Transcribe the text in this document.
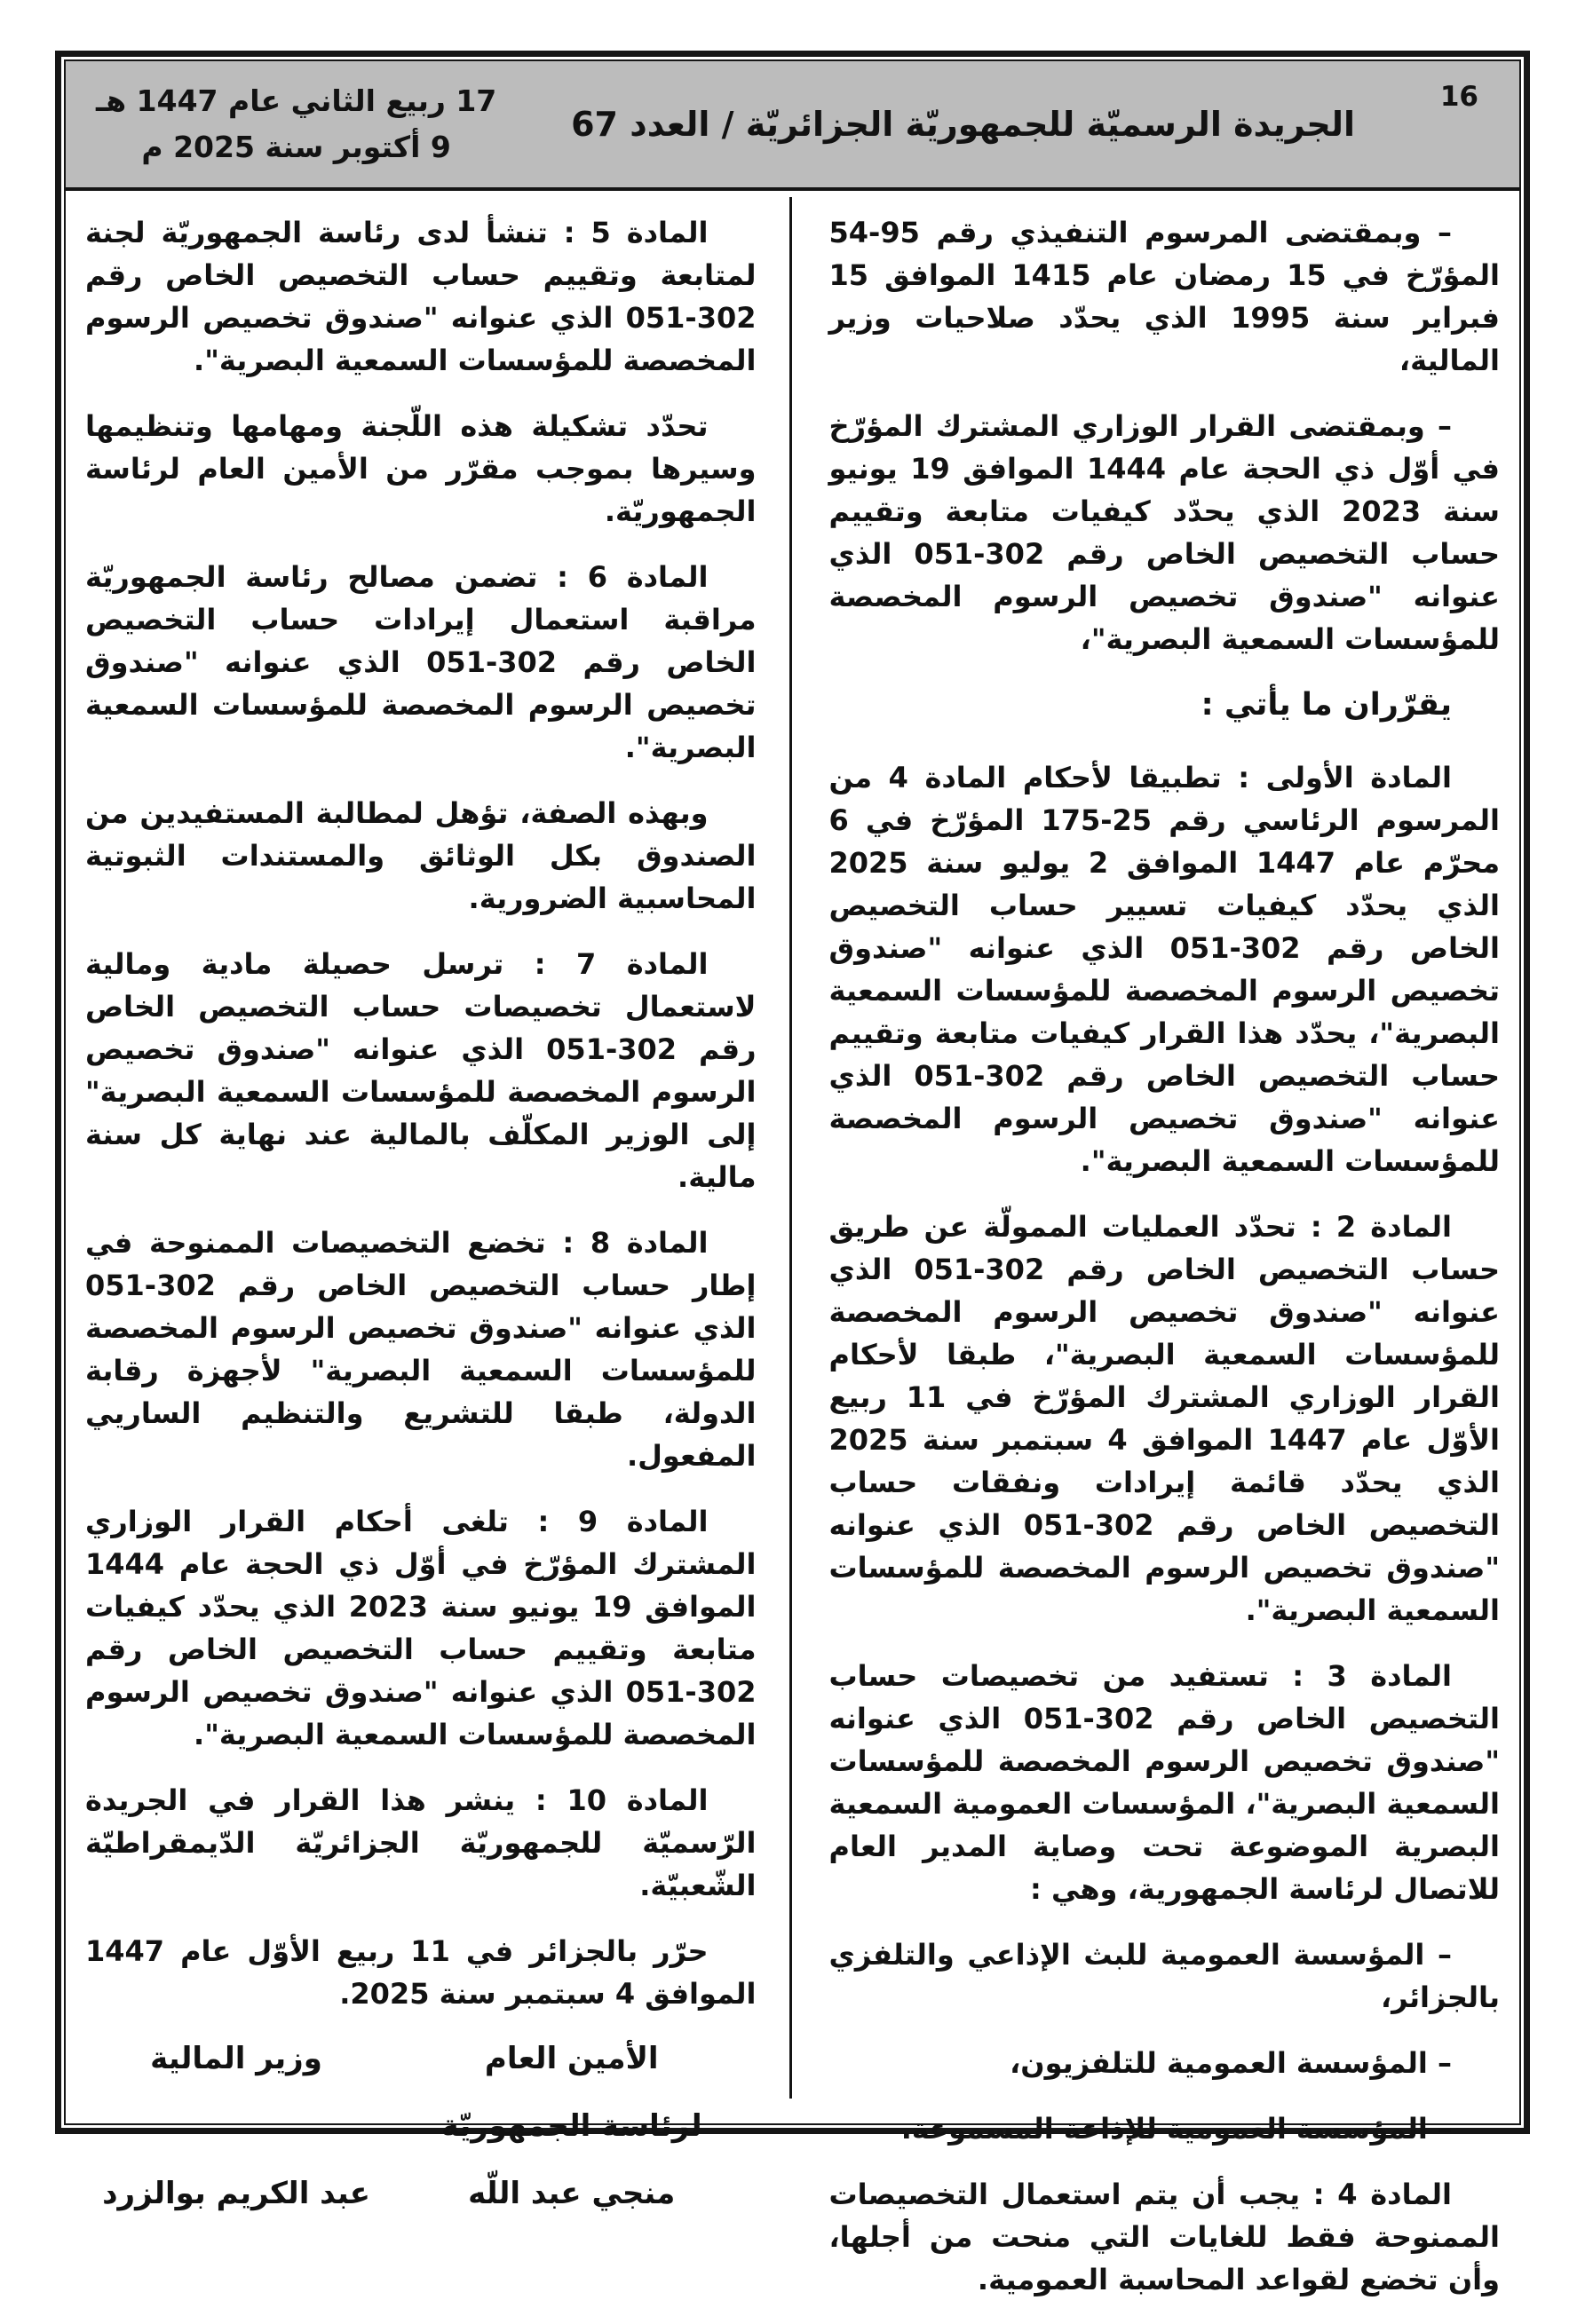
16
الجريدة الرسميّة للجمهوريّة الجزائريّة / العدد 67
17 ربيع الثاني عام 1447 هـ
9 أكتوبر سنة 2025 م

– وبمقتضى المرسوم التنفيذي رقم 95-54 المؤرّخ في 15 رمضان عام 1415 الموافق 15 فبراير سنة 1995 الذي يحدّد صلاحيات وزير المالية،

– وبمقتضى القرار الوزاري المشترك المؤرّخ في أوّل ذي الحجة عام 1444 الموافق 19 يونيو سنة 2023 الذي يحدّد كيفيات متابعة وتقييم حساب التخصيص الخاص رقم 302-051 الذي عنوانه "صندوق تخصيص الرسوم المخصصة للمؤسسات السمعية البصرية"،

يقرّران ما يأتي :

المادة الأولى : تطبيقا لأحكام المادة 4 من المرسوم الرئاسي رقم 25-175 المؤرّخ في 6 محرّم عام 1447 الموافق 2 يوليو سنة 2025 الذي يحدّد كيفيات تسيير حساب التخصيص الخاص رقم 302-051 الذي عنوانه "صندوق تخصيص الرسوم المخصصة للمؤسسات السمعية البصرية"، يحدّد هذا القرار كيفيات متابعة وتقييم حساب التخصيص الخاص رقم 302-051 الذي عنوانه "صندوق تخصيص الرسوم المخصصة للمؤسسات السمعية البصرية".

المادة 2 : تحدّد العمليات الممولّة عن طريق حساب التخصيص الخاص رقم 302-051 الذي عنوانه "صندوق تخصيص الرسوم المخصصة للمؤسسات السمعية البصرية"، طبقا لأحكام القرار الوزاري المشترك المؤرّخ في 11 ربيع الأوّل عام 1447 الموافق 4 سبتمبر سنة 2025 الذي يحدّد قائمة إيرادات ونفقات حساب التخصيص الخاص رقم 302-051 الذي عنوانه "صندوق تخصيص الرسوم المخصصة للمؤسسات السمعية البصرية".

المادة 3 : تستفيد من تخصيصات حساب التخصيص الخاص رقم 302-051 الذي عنوانه "صندوق تخصيص الرسوم المخصصة للمؤسسات السمعية البصرية"، المؤسسات العمومية السمعية البصرية الموضوعة تحت وصاية المدير العام للاتصال لرئاسة الجمهورية، وهي :

– المؤسسة العمومية للبث الإذاعي والتلفزي بالجزائر،

– المؤسسة العمومية للتلفزيون،

– المؤسسة العمومية للإذاعة المسموعة.

المادة 4 : يجب أن يتم استعمال التخصيصات الممنوحة فقط للغايات التي منحت من أجلها، وأن تخضع لقواعد المحاسبة العمومية.

المادة 5 : تنشأ لدى رئاسة الجمهوريّة لجنة لمتابعة وتقييم حساب التخصيص الخاص رقم 302-051 الذي عنوانه "صندوق تخصيص الرسوم المخصصة للمؤسسات السمعية البصرية".

تحدّد تشكيلة هذه اللّجنة ومهامها وتنظيمها وسيرها بموجب مقرّر من الأمين العام لرئاسة الجمهوريّة.

المادة 6 : تضمن مصالح رئاسة الجمهوريّة مراقبة استعمال إيرادات حساب التخصيص الخاص رقم 302-051 الذي عنوانه "صندوق تخصيص الرسوم المخصصة للمؤسسات السمعية البصرية".

وبهذه الصفة، تؤهل لمطالبة المستفيدين من الصندوق بكل الوثائق والمستندات الثبوتية المحاسبية الضرورية.

المادة 7 : ترسل حصيلة مادية ومالية لاستعمال تخصيصات حساب التخصيص الخاص رقم 302-051 الذي عنوانه "صندوق تخصيص الرسوم المخصصة للمؤسسات السمعية البصرية" إلى الوزير المكلّف بالمالية عند نهاية كل سنة مالية.

المادة 8 : تخضع التخصيصات الممنوحة في إطار حساب التخصيص الخاص رقم 302-051 الذي عنوانه "صندوق تخصيص الرسوم المخصصة للمؤسسات السمعية البصرية" لأجهزة رقابة الدولة، طبقا للتشريع والتنظيم الساريي المفعول.

المادة 9 : تلغى أحكام القرار الوزاري المشترك المؤرّخ في أوّل ذي الحجة عام 1444 الموافق 19 يونيو سنة 2023 الذي يحدّد كيفيات متابعة وتقييم حساب التخصيص الخاص رقم 302-051 الذي عنوانه "صندوق تخصيص الرسوم المخصصة للمؤسسات السمعية البصرية".

المادة 10 : ينشر هذا القرار في الجريدة الرّسميّة للجمهوريّة الجزائريّة الدّيمقراطيّة الشّعبيّة.

حرّر بالجزائر في 11 ربيع الأوّل عام 1447 الموافق 4 سبتمبر سنة 2025.

الأمين العام
لرئاسة الجمهوريّة
منجي عبد اللّه
وزير المالية
عبد الكريم بوالزرد
